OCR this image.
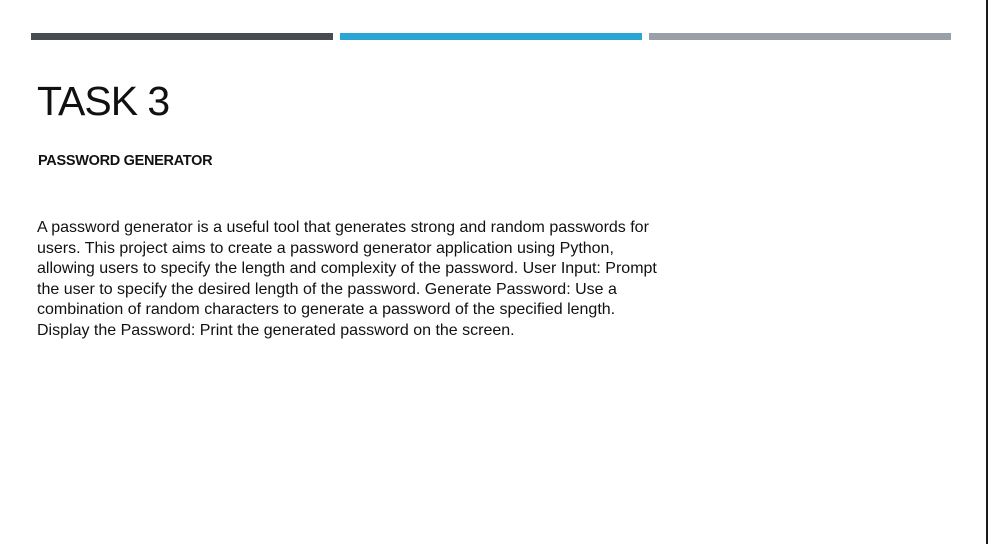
TASK 3
PASSWORD GENERATOR

A password generator is a useful tool that generates strong and random passwords for
users. This project aims to create a password generator application using Python,
allowing users to specify the length and complexity of the password. User Input: Prompt
the user to specify the desired length of the password. Generate Password: Use a
combination of random characters to generate a password of the specified length.
Display the Password: Print the generated password on the screen.
